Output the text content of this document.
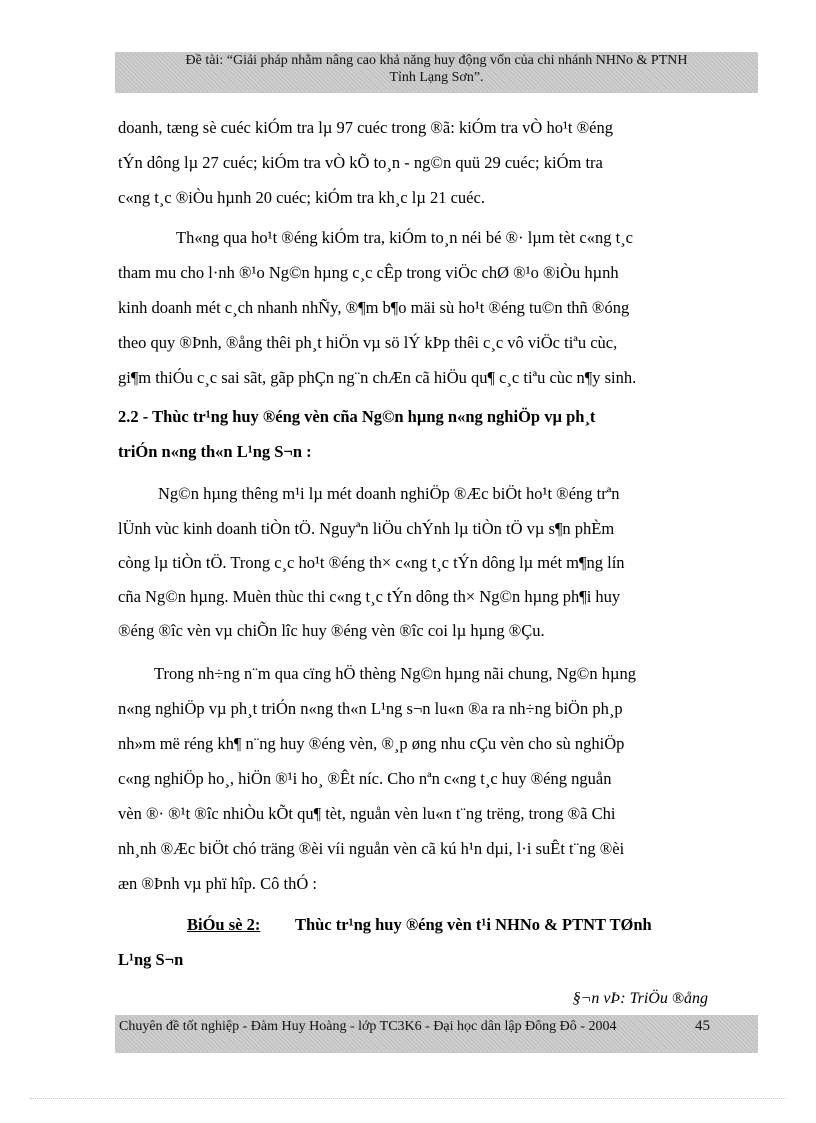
Đề tài: “Giải pháp nhằm nâng cao khả năng huy động vốn của chi nhánh NHNo & PTNH
Tỉnh Lạng Sơn”.
doanh, tæng sè cuéc kiÓm tra lµ 97 cuéc trong ®ã: kiÓm tra vÒ ho¹t ®éng
tÝn dông lµ 27 cuéc; kiÓm tra vÒ kÕ to¸n - ng©n quü 29 cuéc; kiÓm tra
c«ng t¸c ®iÒu hµnh 20 cuéc; kiÓm tra kh¸c lµ 21 cuéc.
Th«ng qua ho¹t ®éng kiÓm tra, kiÓm to¸n néi bé ®· lµm tèt c«ng t¸c
tham mu cho l·nh ®¹o Ng©n hµng c¸c cÊp trong viÖc chØ ®¹o ®iÒu hµnh
kinh doanh mét c¸ch nhanh nhÑy, ®¶m b¶o mäi sù ho¹t ®éng tu©n thñ ®óng
theo quy ®Þnh, ®ång thêi ph¸t hiÖn vµ sö lÝ kÞp thêi c¸c vô viÖc tiªu cùc,
gi¶m thiÓu c¸c sai sãt, gãp phÇn ng¨n chÆn cã hiÖu qu¶ c¸c tiªu cùc n¶y sinh.
2.2 - Thùc tr¹ng huy ®éng vèn cña Ng©n hµng n«ng nghiÖp vµ ph¸t
triÓn n«ng th«n L¹ng S¬n :
Ng©n hµng thêng m¹i lµ mét doanh nghiÖp ®Æc biÖt ho¹t ®éng trªn
lÜnh vùc kinh doanh tiÒn tÖ. Nguyªn liÖu chÝnh lµ tiÒn tÖ vµ s¶n phÈm
còng lµ tiÒn tÖ. Trong c¸c ho¹t ®éng th× c«ng t¸c tÝn dông lµ mét m¶ng lín
cña Ng©n hµng. Muèn thùc thi c«ng t¸c tÝn dông th× Ng©n hµng ph¶i huy
®éng ®îc vèn vµ chiÕn lîc huy ®éng vèn ®îc coi lµ hµng ®Çu.
Trong nh÷ng n¨m qua cïng hÖ thèng Ng©n hµng nãi chung, Ng©n hµng
n«ng nghiÖp vµ ph¸t triÓn n«ng th«n L¹ng s¬n lu«n ®a ra nh÷ng biÖn ph¸p
nh»m më réng kh¶ n¨ng huy ®éng vèn, ®¸p øng nhu cÇu vèn cho sù nghiÖp
c«ng nghiÖp ho¸, hiÖn ®¹i ho¸ ®Êt níc. Cho nªn c«ng t¸c huy ®éng nguån
vèn ®· ®¹t ®îc nhiÒu kÕt qu¶ tèt, nguån vèn lu«n t¨ng trëng, trong ®ã Chi
nh¸nh ®Æc biÖt chó träng ®èi víi nguån vèn cã kú h¹n dµi, l·i suÊt t¨ng ®èi
æn ®Þnh vµ phï hîp. Cô thÓ :
BiÓu sè 2: Thùc tr¹ng huy ®éng vèn t¹i NHNo & PTNT TØnh
L¹ng S¬n
§¬n vÞ: TriÖu ®ång
Chuyên đề tốt nghiệp - Đàm Huy Hoàng - lớp TC3K6 - Đại học dân lập Đông Đô - 2004	45
